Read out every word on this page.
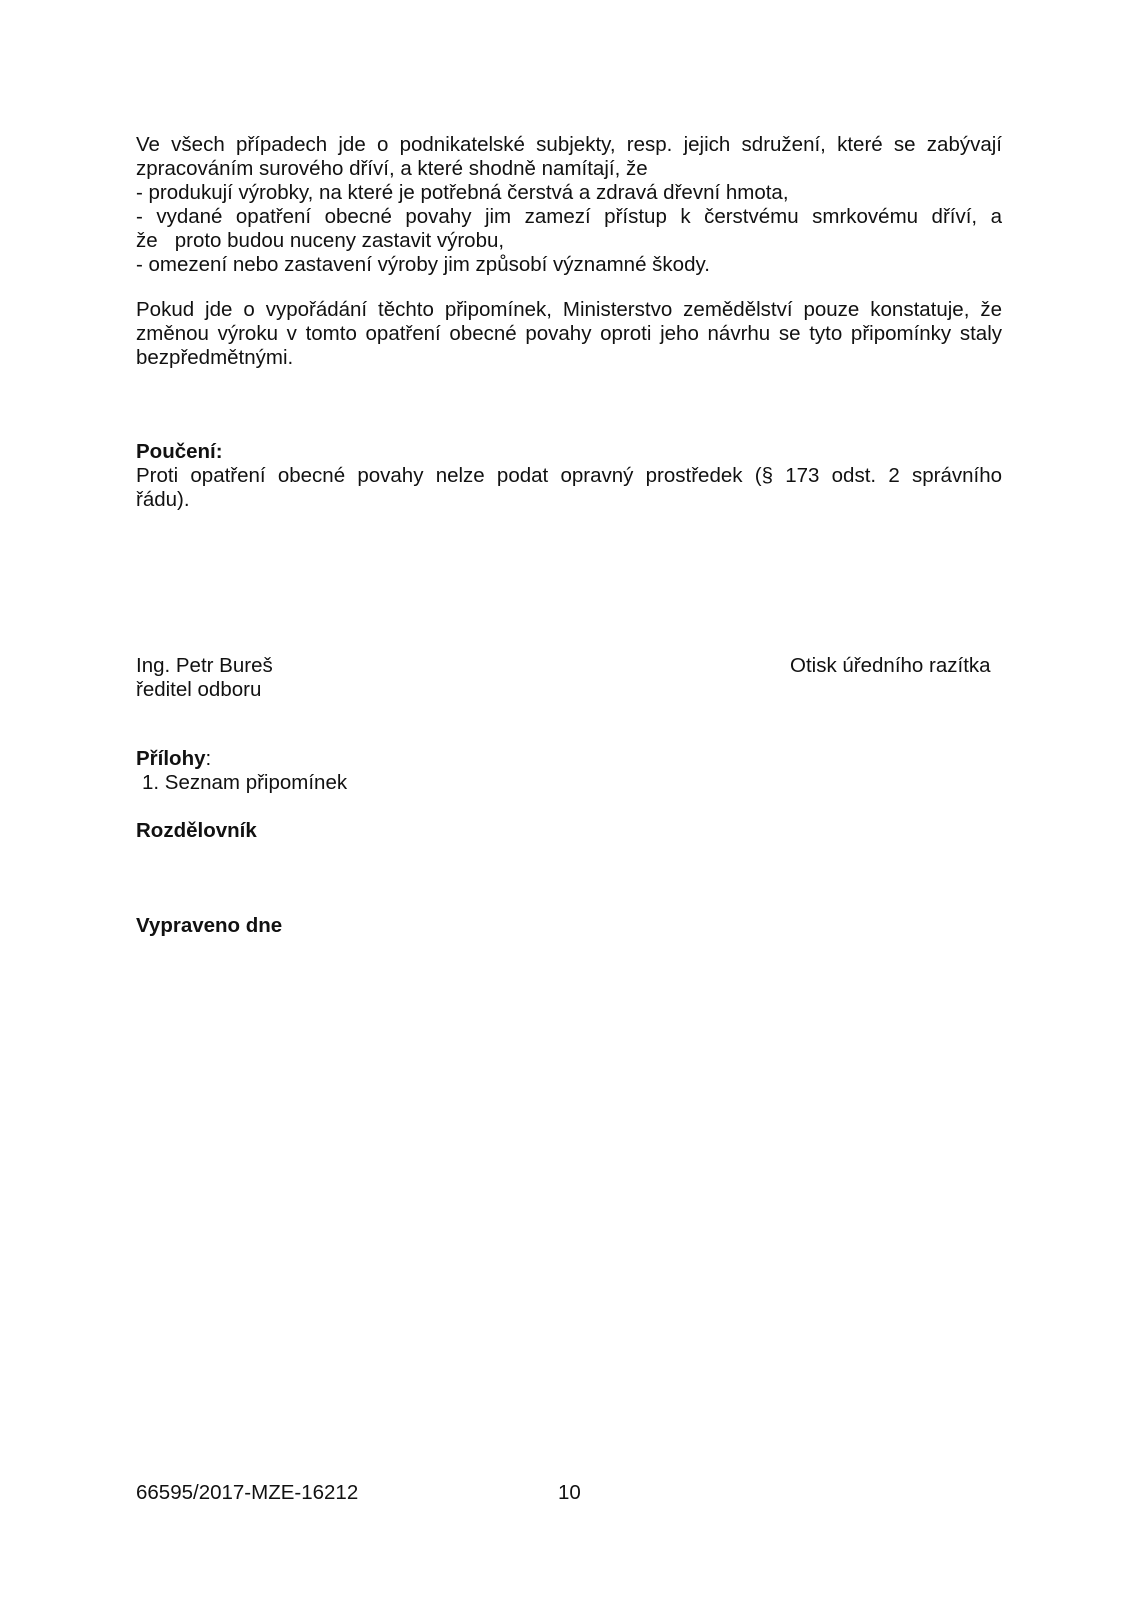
Ve všech případech jde o podnikatelské subjekty, resp. jejich sdružení, které se zabývají
zpracováním surového dříví, a které shodně namítají, že
- produkují výrobky, na které je potřebná čerstvá a zdravá dřevní hmota,
- vydané opatření obecné povahy jim zamezí přístup k čerstvému smrkovému dříví, a
že   proto budou nuceny zastavit výrobu,
- omezení nebo zastavení výroby jim způsobí významné škody.
Pokud jde o vypořádání těchto připomínek, Ministerstvo zemědělství pouze konstatuje, že
změnou výroku v tomto opatření obecné povahy oproti jeho návrhu se tyto připomínky staly
bezpředmětnými.
Poučení:
Proti opatření obecné povahy nelze podat opravný prostředek (§ 173 odst. 2 správního
řádu).
Ing. Petr Bureš
ředitel odboru
Otisk úředního razítka
Přílohy:
1. Seznam připomínek
Rozdělovník
Vypraveno dne
66595/2017-MZE-16212	10
